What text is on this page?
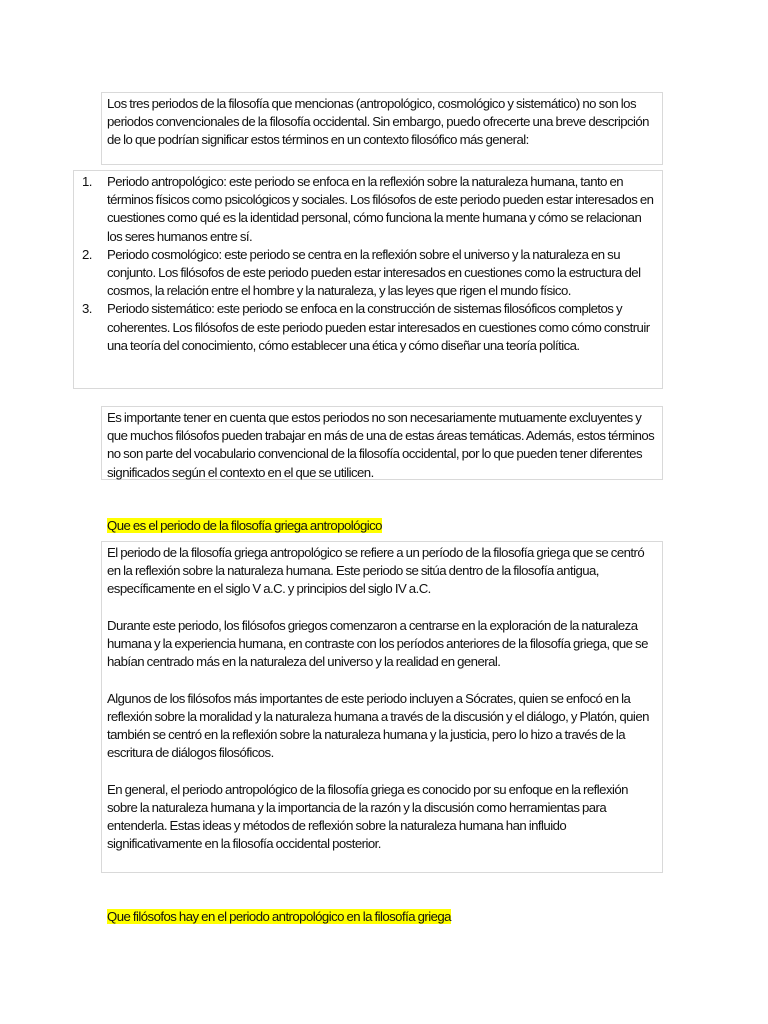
Los tres periodos de la filosofía que mencionas (antropológico, cosmológico y sistemático) no son los periodos convencionales de la filosofía occidental. Sin embargo, puedo ofrecerte una breve descripción de lo que podrían significar estos términos en un contexto filosófico más general:

1. Periodo antropológico: este periodo se enfoca en la reflexión sobre la naturaleza humana, tanto en términos físicos como psicológicos y sociales. Los filósofos de este periodo pueden estar interesados en cuestiones como qué es la identidad personal, cómo funciona la mente humana y cómo se relacionan los seres humanos entre sí.
2. Periodo cosmológico: este periodo se centra en la reflexión sobre el universo y la naturaleza en su conjunto. Los filósofos de este periodo pueden estar interesados en cuestiones como la estructura del cosmos, la relación entre el hombre y la naturaleza, y las leyes que rigen el mundo físico.
3. Periodo sistemático: este periodo se enfoca en la construcción de sistemas filosóficos completos y coherentes. Los filósofos de este periodo pueden estar interesados en cuestiones como cómo construir una teoría del conocimiento, cómo establecer una ética y cómo diseñar una teoría política.

Es importante tener en cuenta que estos periodos no son necesariamente mutuamente excluyentes y que muchos filósofos pueden trabajar en más de una de estas áreas temáticas. Además, estos términos no son parte del vocabulario convencional de la filosofía occidental, por lo que pueden tener diferentes significados según el contexto en el que se utilicen.

Que es el periodo de la filosofía griega antropológico

El periodo de la filosofía griega antropológico se refiere a un período de la filosofía griega que se centró en la reflexión sobre la naturaleza humana. Este periodo se sitúa dentro de la filosofía antigua, específicamente en el siglo V a.C. y principios del siglo IV a.C.

Durante este periodo, los filósofos griegos comenzaron a centrarse en la exploración de la naturaleza humana y la experiencia humana, en contraste con los períodos anteriores de la filosofía griega, que se habían centrado más en la naturaleza del universo y la realidad en general.

Algunos de los filósofos más importantes de este periodo incluyen a Sócrates, quien se enfocó en la reflexión sobre la moralidad y la naturaleza humana a través de la discusión y el diálogo, y Platón, quien también se centró en la reflexión sobre la naturaleza humana y la justicia, pero lo hizo a través de la escritura de diálogos filosóficos.

En general, el periodo antropológico de la filosofía griega es conocido por su enfoque en la reflexión sobre la naturaleza humana y la importancia de la razón y la discusión como herramientas para entenderla. Estas ideas y métodos de reflexión sobre la naturaleza humana han influido significativamente en la filosofía occidental posterior.

Que filósofos hay en el periodo antropológico en la filosofía griega
